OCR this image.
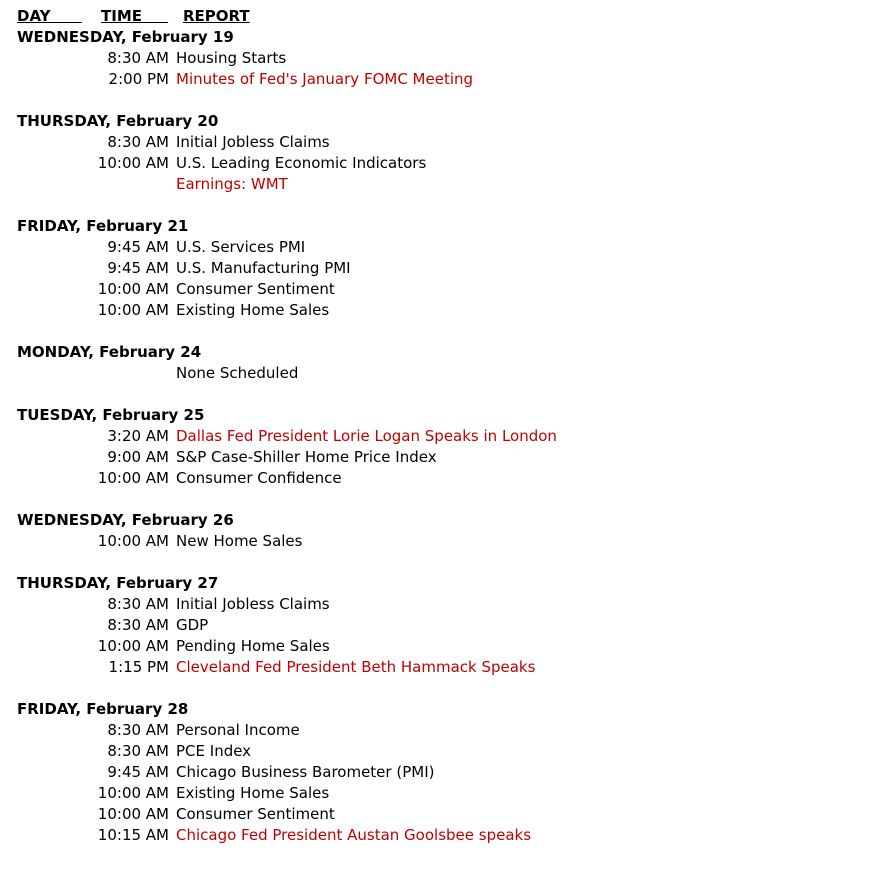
DAY	TIME REPORT
WEDNESDAY, February 19
8:30 AM Housing Starts
2:00 PM Minutes of Fed's January FOMC Meeting
THURSDAY, February 20
8:30 AM Initial Jobless Claims
10:00 AM U.S. Leading Economic Indicators
Earnings: WMT
FRIDAY, February 21
9:45 AM U.S. Services PMI
9:45 AM U.S. Manufacturing PMI
10:00 AM Consumer Sentiment
10:00 AM Existing Home Sales
MONDAY, February 24
None Scheduled
TUESDAY, February 25
3:20 AM Dallas Fed President Lorie Logan Speaks in London
9:00 AM S&P Case-Shiller Home Price Index
10:00 AM Consumer Confidence
WEDNESDAY, February 26
10:00 AM New Home Sales
THURSDAY, February 27
8:30 AM Initial Jobless Claims
8:30 AM GDP
10:00 AM Pending Home Sales
1:15 PM Cleveland Fed President Beth Hammack Speaks
FRIDAY, February 28
8:30 AM Personal Income
8:30 AM PCE Index
9:45 AM Chicago Business Barometer (PMI)
10:00 AM Existing Home Sales
10:00 AM Consumer Sentiment
10:15 AM Chicago Fed President Austan Goolsbee speaks
